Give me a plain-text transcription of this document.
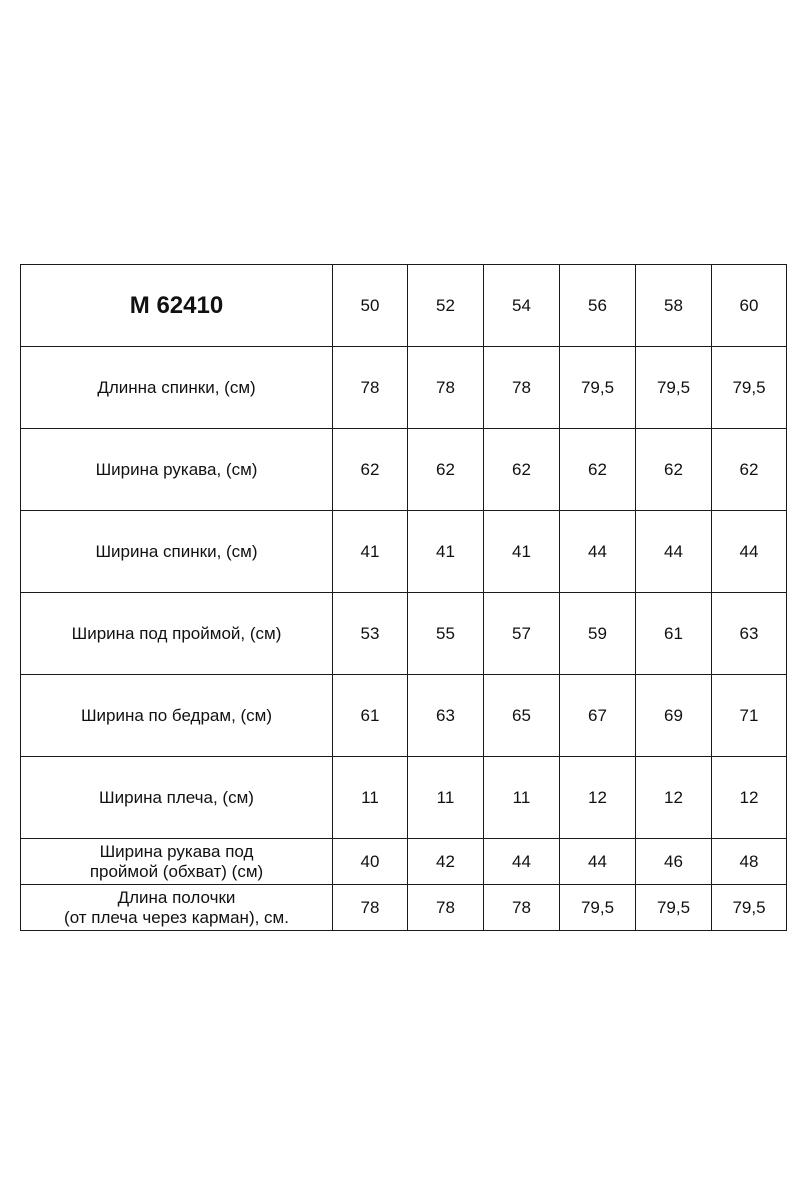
М 62410	50	52	54	56	58	60

Длинна спинки, (см)	78	78	78	79,5	79,5	79,5

Ширина рукава, (см)	62	62	62	62	62	62

Ширина спинки, (см)	41	41	41	44	44	44

Ширина под проймой, (см)	53	55	57	59	61	63

Ширина по бедрам, (см)	61	63	65	67	69	71

Ширина плеча, (см)	11	11	11	12	12	12

Ширина рукава под
проймой (обхват) (см)	40	42	44	44	46	48

Длина полочки
(от плеча через карман), см.	78	78	78	79,5	79,5	79,5
